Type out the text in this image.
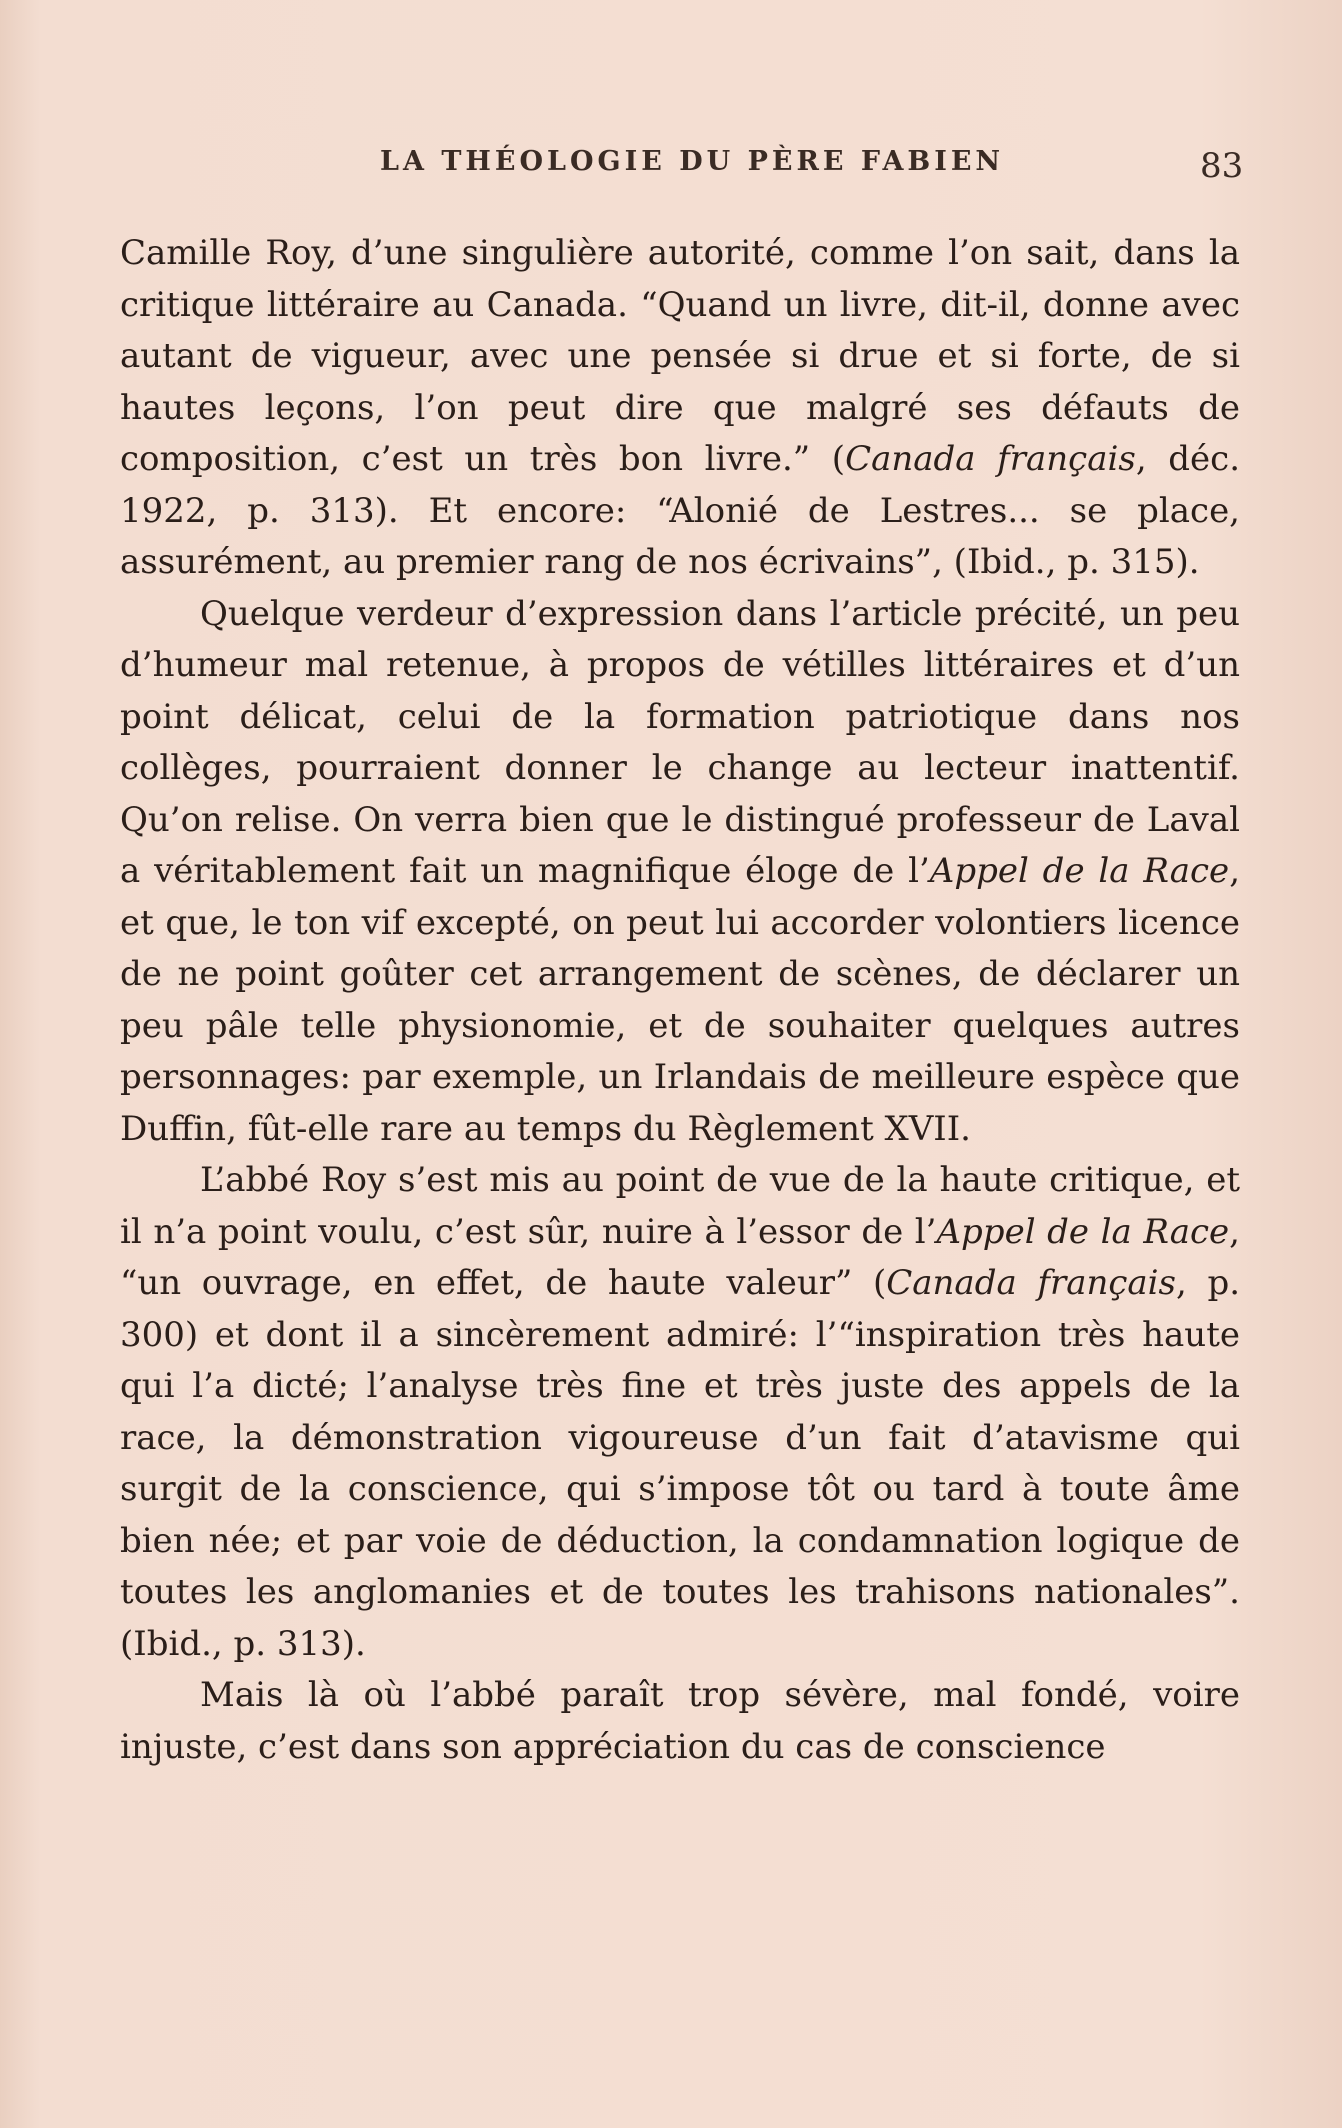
LA THÉOLOGIE DU PÈRE FABIEN	83

Camille Roy, d’une singulière autorité, comme l’on sait, dans la critique littéraire au Canada. “Quand un livre, dit-il, donne avec autant de vigueur, avec une pensée si drue et si forte, de si hautes leçons, l’on peut dire que malgré ses défauts de composition, c’est un très bon livre.” (Canada français, déc. 1922, p. 313). Et encore: “Alonié de Lestres... se place, assurément, au premier rang de nos écrivains”, (Ibid., p. 315).

Quelque verdeur d’expression dans l’article précité, un peu d’humeur mal retenue, à propos de vétilles littéraires et d’un point délicat, celui de la formation patriotique dans nos collèges, pourraient donner le change au lecteur inattentif. Qu’on relise. On verra bien que le distingué professeur de Laval a véritablement fait un magnifique éloge de l’Appel de la Race, et que, le ton vif excepté, on peut lui accorder volontiers licence de ne point goûter cet arrangement de scènes, de déclarer un peu pâle telle physionomie, et de souhaiter quelques autres personnages: par exemple, un Irlandais de meilleure espèce que Duffin, fût-elle rare au temps du Règlement XVII.

L’abbé Roy s’est mis au point de vue de la haute critique, et il n’a point voulu, c’est sûr, nuire à l’essor de l’Appel de la Race, “un ouvrage, en effet, de haute valeur” (Canada français, p. 300) et dont il a sincèrement admiré: l’“inspiration très haute qui l’a dicté; l’analyse très fine et très juste des appels de la race, la démonstration vigoureuse d’un fait d’atavisme qui surgit de la conscience, qui s’impose tôt ou tard à toute âme bien née; et par voie de déduction, la condamnation logique de toutes les anglomanies et de toutes les trahisons nationales”. (Ibid., p. 313).

Mais là où l’abbé paraît trop sévère, mal fondé, voire injuste, c’est dans son appréciation du cas de conscience
